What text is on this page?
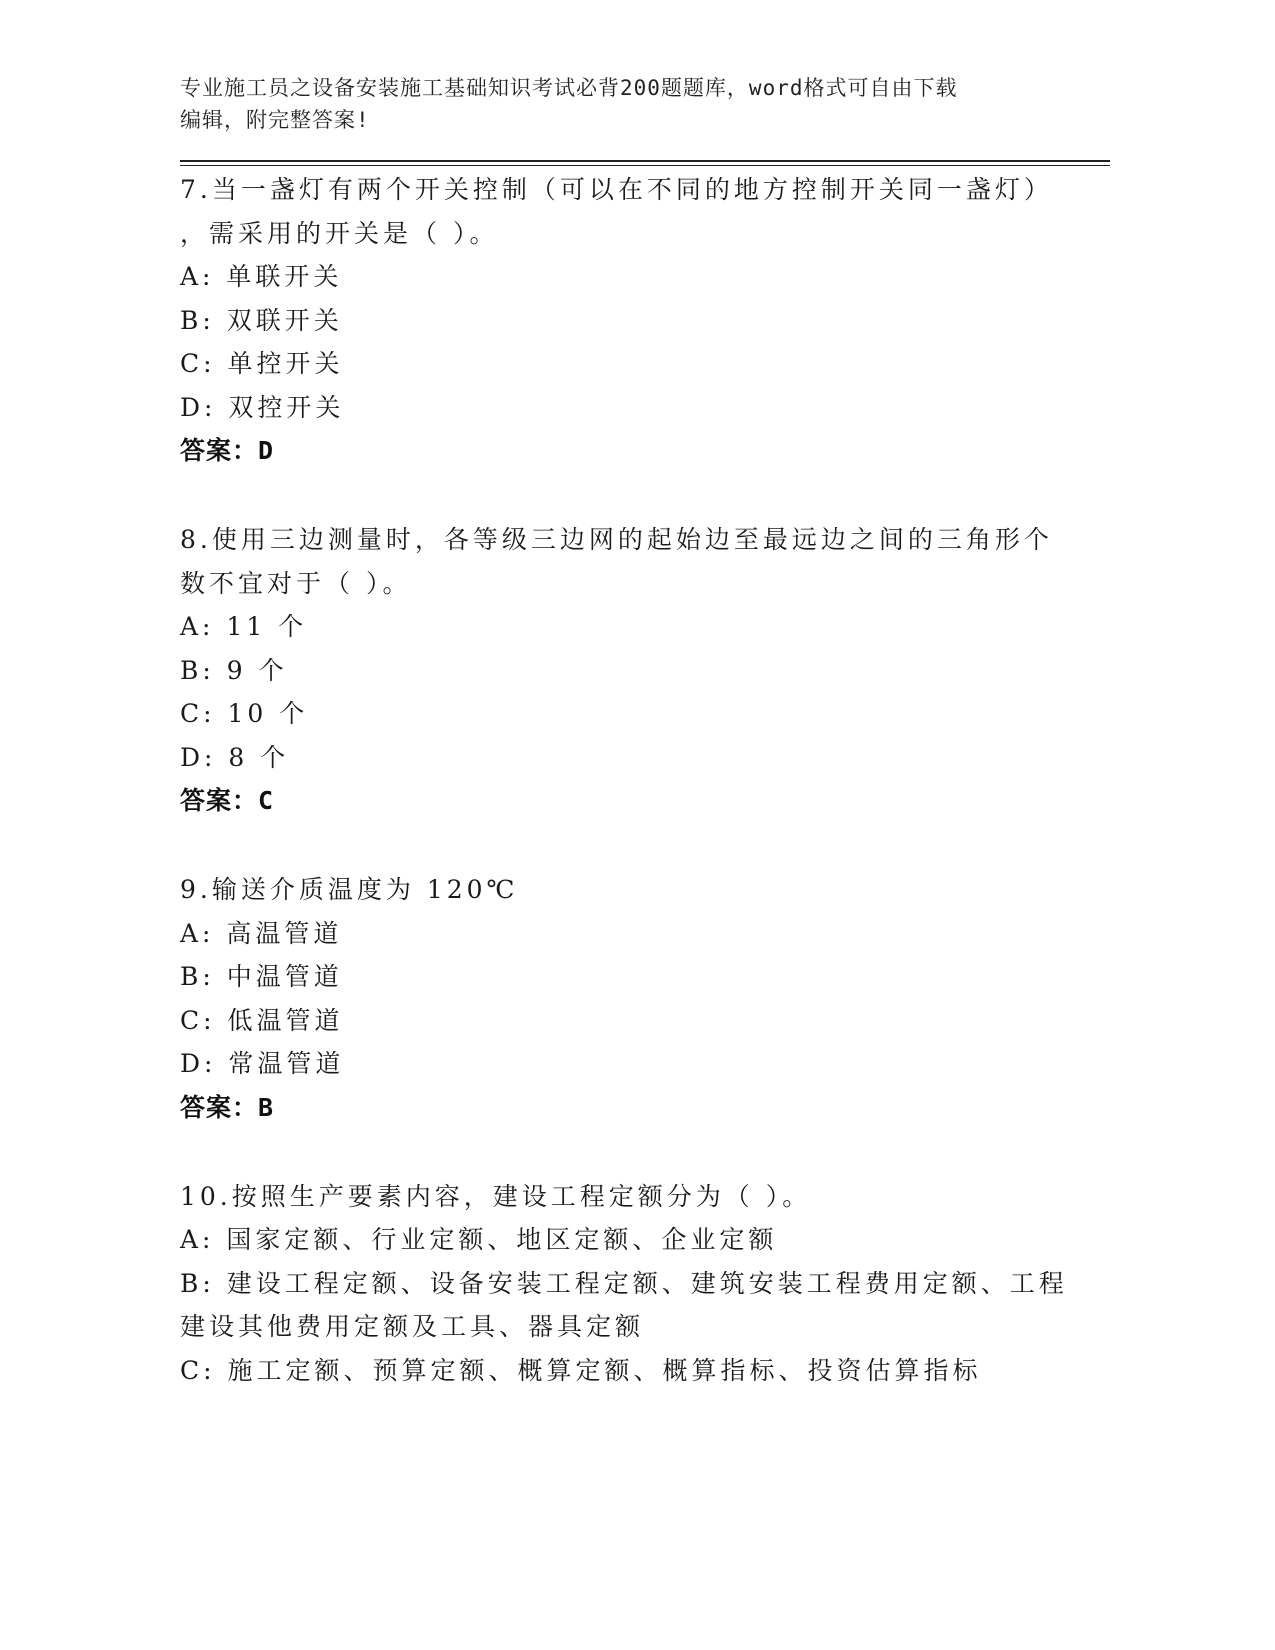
专业施工员之设备安装施工基础知识考试必背200题题库，word格式可自由下载
编辑，附完整答案!
7.当一盏灯有两个开关控制（可以在不同的地方控制开关同一盏灯）
，需采用的开关是（ ）。
A: 单联开关
B: 双联开关
C: 单控开关
D: 双控开关
答案：D
8.使用三边测量时，各等级三边网的起始边至最远边之间的三角形个
数不宜对于（ ）。
A: 11 个
B: 9 个
C: 10 个
D: 8 个
答案：C
9.输送介质温度为 120℃
A: 高温管道
B: 中温管道
C: 低温管道
D: 常温管道
答案：B
10.按照生产要素内容，建设工程定额分为（ ）。
A: 国家定额、行业定额、地区定额、企业定额
B: 建设工程定额、设备安装工程定额、建筑安装工程费用定额、工程
建设其他费用定额及工具、器具定额
C: 施工定额、预算定额、概算定额、概算指标、投资估算指标
